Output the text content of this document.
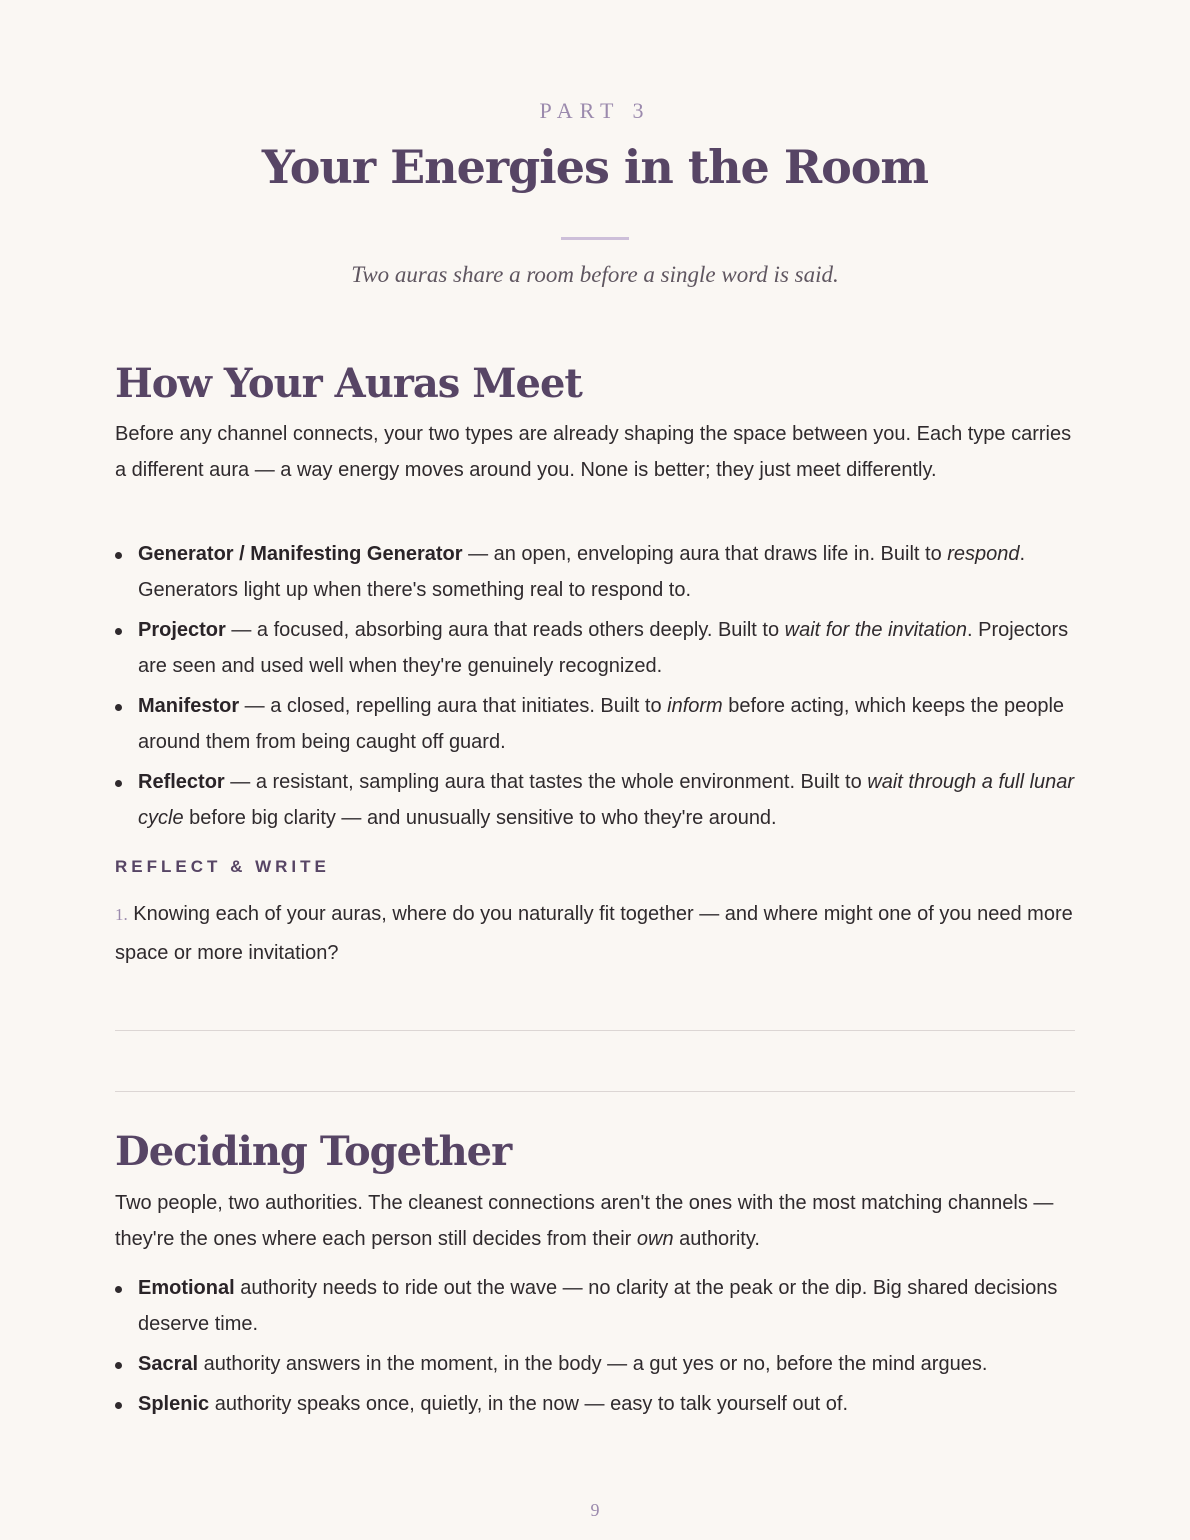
PART 3
Your Energies in the Room
Two auras share a room before a single word is said.
How Your Auras Meet

Before any channel connects, your two types are already shaping the space between you. Each type carries a different aura — a way energy moves around you. None is better; they just meet differently.

Generator / Manifesting Generator — an open, enveloping aura that draws life in. Built to respond. Generators light up when there's something real to respond to.
Projector — a focused, absorbing aura that reads others deeply. Built to wait for the invitation. Projectors are seen and used well when they're genuinely recognized.
Manifestor — a closed, repelling aura that initiates. Built to inform before acting, which keeps the people around them from being caught off guard.
Reflector — a resistant, sampling aura that tastes the whole environment. Built to wait through a full lunar cycle before big clarity — and unusually sensitive to who they're around.
REFLECT & WRITE
1. Knowing each of your auras, where do you naturally fit together — and where might one of you need more space or more invitation?
Deciding Together

Two people, two authorities. The cleanest connections aren't the ones with the most matching channels — they're the ones where each person still decides from their own authority.

Emotional authority needs to ride out the wave — no clarity at the peak or the dip. Big shared decisions deserve time.
Sacral authority answers in the moment, in the body — a gut yes or no, before the mind argues.
Splenic authority speaks once, quietly, in the now — easy to talk yourself out of.
9
